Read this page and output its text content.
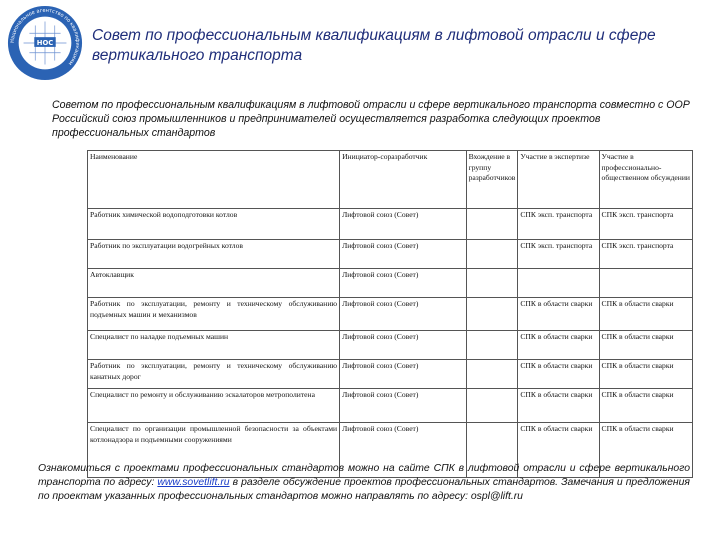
Национальное агентство по квалификациям
НОС	Совет по профессиональным квалификациям в лифтовой отрасли и сфере вертикального транспорта
Советом по профессиональным квалификациям в лифтовой отрасли и сфере вертикального транспорта совместно с ООР Российский союз промышленников и предпринимателей осуществляется разработка следующих проектов профессиональных стандартов
Наименование	Инициатор-соразработчик	Вхождение в группу разработчиков	Участие в экспертизе	Участие в профессионально-общественном обсуждении
Работник химической водоподготовки котлов	Лифтовой союз (Совет)		СПК эксп. транспорта	СПК эксп. транспорта
Работник по эксплуатации водогрейных котлов	Лифтовой союз (Совет)		СПК эксп. транспорта	СПК эксп. транспорта
Автоклавщик	Лифтовой союз (Совет)			
Работник по эксплуатации, ремонту и техническому обслуживанию подъемных машин и механизмов	Лифтовой союз (Совет)		СПК в области сварки	СПК в области сварки
Специалист по наладке подъемных машин	Лифтовой союз (Совет)		СПК в области сварки	СПК в области сварки
Работник по эксплуатации, ремонту и техническому обслуживанию канатных дорог	Лифтовой союз (Совет)		СПК в области сварки	СПК в области сварки
Специалист по ремонту и обслуживанию эскалаторов метрополитена	Лифтовой союз (Совет)		СПК в области сварки	СПК в области сварки
Специалист по организации промышленной безопасности за объектами котлонадзора и подъемными сооружениями	Лифтовой союз (Совет)		СПК в области сварки	СПК в области сварки
Ознакомиться с проектами профессиональных стандартов можно на сайте СПК в лифтовой отрасли и сфере вертикального транспорта по адресу: www.sovetlift.ru в разделе обсуждение проектов профессиональных стандартов. Замечания и предложения по проектам указанных профессиональных стандартов можно направлять по адресу: ospl@lift.ru
